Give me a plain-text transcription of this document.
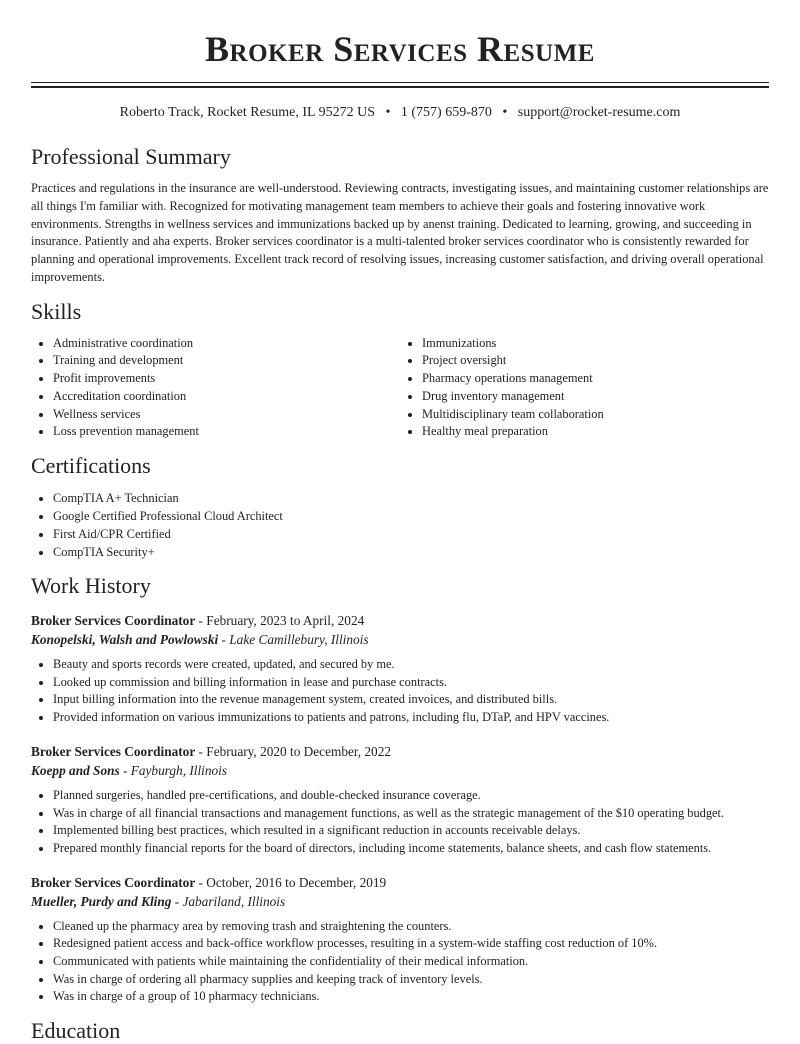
Broker Services Resume
Roberto Track, Rocket Resume, IL 95272 US • 1 (757) 659-870 • support@rocket-resume.com
Professional Summary

Practices and regulations in the insurance are well-understood. Reviewing contracts, investigating issues, and maintaining customer relationships are all things I'm familiar with. Recognized for motivating management team members to achieve their goals and fostering innovative work environments. Strengths in wellness services and immunizations backed up by anenst training. Dedicated to learning, growing, and succeeding in insurance. Patiently and aha experts. Broker services coordinator is a multi-talented broker services coordinator who is consistently rewarded for planning and operational improvements. Excellent track record of resolving issues, increasing customer satisfaction, and driving overall operational improvements.

Skills
• Administrative coordination
• Training and development
• Profit improvements
• Accreditation coordination
• Wellness services
• Loss prevention management
• Immunizations
• Project oversight
• Pharmacy operations management
• Drug inventory management
• Multidisciplinary team collaboration
• Healthy meal preparation
Certifications
• CompTIA A+ Technician
• Google Certified Professional Cloud Architect
• First Aid/CPR Certified
• CompTIA Security+
Work History
Broker Services Coordinator - February, 2023 to April, 2024
Konopelski, Walsh and Powlowski - Lake Camillebury, Illinois
• Beauty and sports records were created, updated, and secured by me.
• Looked up commission and billing information in lease and purchase contracts.
• Input billing information into the revenue management system, created invoices, and distributed bills.
• Provided information on various immunizations to patients and patrons, including flu, DTaP, and HPV vaccines.
Broker Services Coordinator - February, 2020 to December, 2022
Koepp and Sons - Fayburgh, Illinois
• Planned surgeries, handled pre-certifications, and double-checked insurance coverage.
• Was in charge of all financial transactions and management functions, as well as the strategic management of the $10 operating budget.
• Implemented billing best practices, which resulted in a significant reduction in accounts receivable delays.
• Prepared monthly financial reports for the board of directors, including income statements, balance sheets, and cash flow statements.
Broker Services Coordinator - October, 2016 to December, 2019
Mueller, Purdy and Kling - Jabariland, Illinois
• Cleaned up the pharmacy area by removing trash and straightening the counters.
• Redesigned patient access and back-office workflow processes, resulting in a system-wide staffing cost reduction of 10%.
• Communicated with patients while maintaining the confidentiality of their medical information.
• Was in charge of ordering all pharmacy supplies and keeping track of inventory levels.
• Was in charge of a group of 10 pharmacy technicians.
Education
